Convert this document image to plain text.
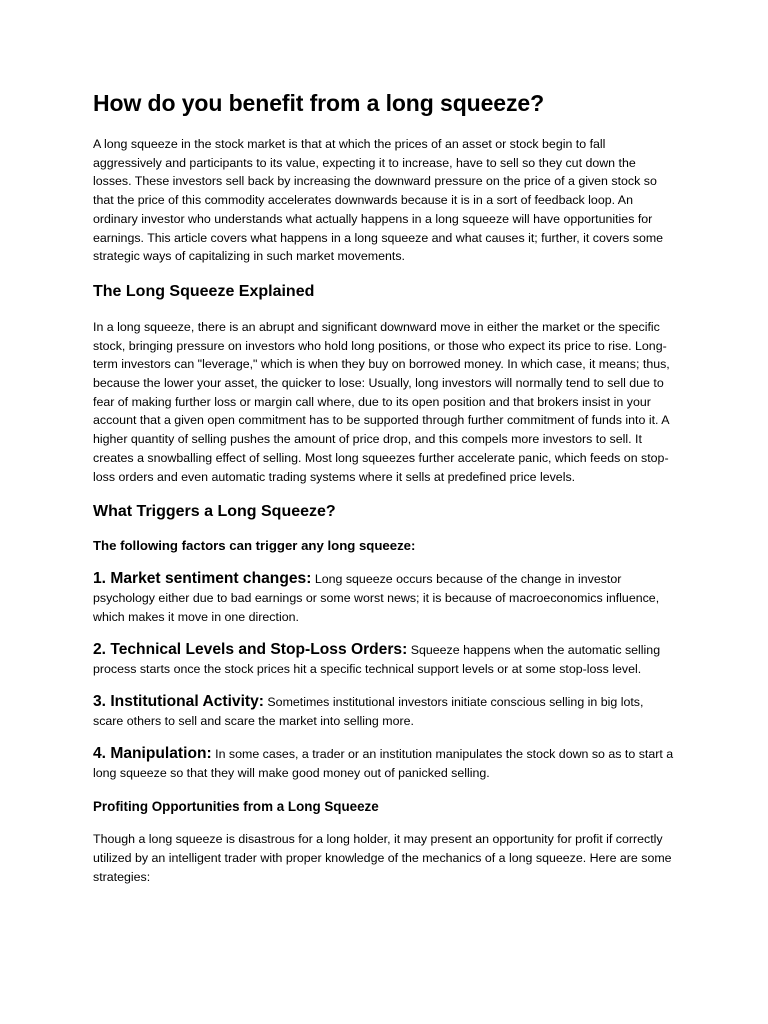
How do you benefit from a long squeeze?

A long squeeze in the stock market is that at which the prices of an asset or stock begin to fall aggressively and participants to its value, expecting it to increase, have to sell so they cut down the losses. These investors sell back by increasing the downward pressure on the price of a given stock so that the price of this commodity accelerates downwards because it is in a sort of feedback loop. An ordinary investor who understands what actually happens in a long squeeze will have opportunities for earnings. This article covers what happens in a long squeeze and what causes it; further, it covers some strategic ways of capitalizing in such market movements.

The Long Squeeze Explained

In a long squeeze, there is an abrupt and significant downward move in either the market or the specific stock, bringing pressure on investors who hold long positions, or those who expect its price to rise. Long-term investors can "leverage," which is when they buy on borrowed money. In which case, it means; thus, because the lower your asset, the quicker to lose: Usually, long investors will normally tend to sell due to fear of making further loss or margin call where, due to its open position and that brokers insist in your account that a given open commitment has to be supported through further commitment of funds into it. A higher quantity of selling pushes the amount of price drop, and this compels more investors to sell. It creates a snowballing effect of selling. Most long squeezes further accelerate panic, which feeds on stop-loss orders and even automatic trading systems where it sells at predefined price levels.

What Triggers a Long Squeeze?

The following factors can trigger any long squeeze:

1. Market sentiment changes: Long squeeze occurs because of the change in investor psychology either due to bad earnings or some worst news; it is because of macroeconomics influence, which makes it move in one direction.

2. Technical Levels and Stop-Loss Orders: Squeeze happens when the automatic selling process starts once the stock prices hit a specific technical support levels or at some stop-loss level.

3. Institutional Activity: Sometimes institutional investors initiate conscious selling in big lots, scare others to sell and scare the market into selling more.

4. Manipulation: In some cases, a trader or an institution manipulates the stock down so as to start a long squeeze so that they will make good money out of panicked selling.

Profiting Opportunities from a Long Squeeze

Though a long squeeze is disastrous for a long holder, it may present an opportunity for profit if correctly utilized by an intelligent trader with proper knowledge of the mechanics of a long squeeze. Here are some strategies:
